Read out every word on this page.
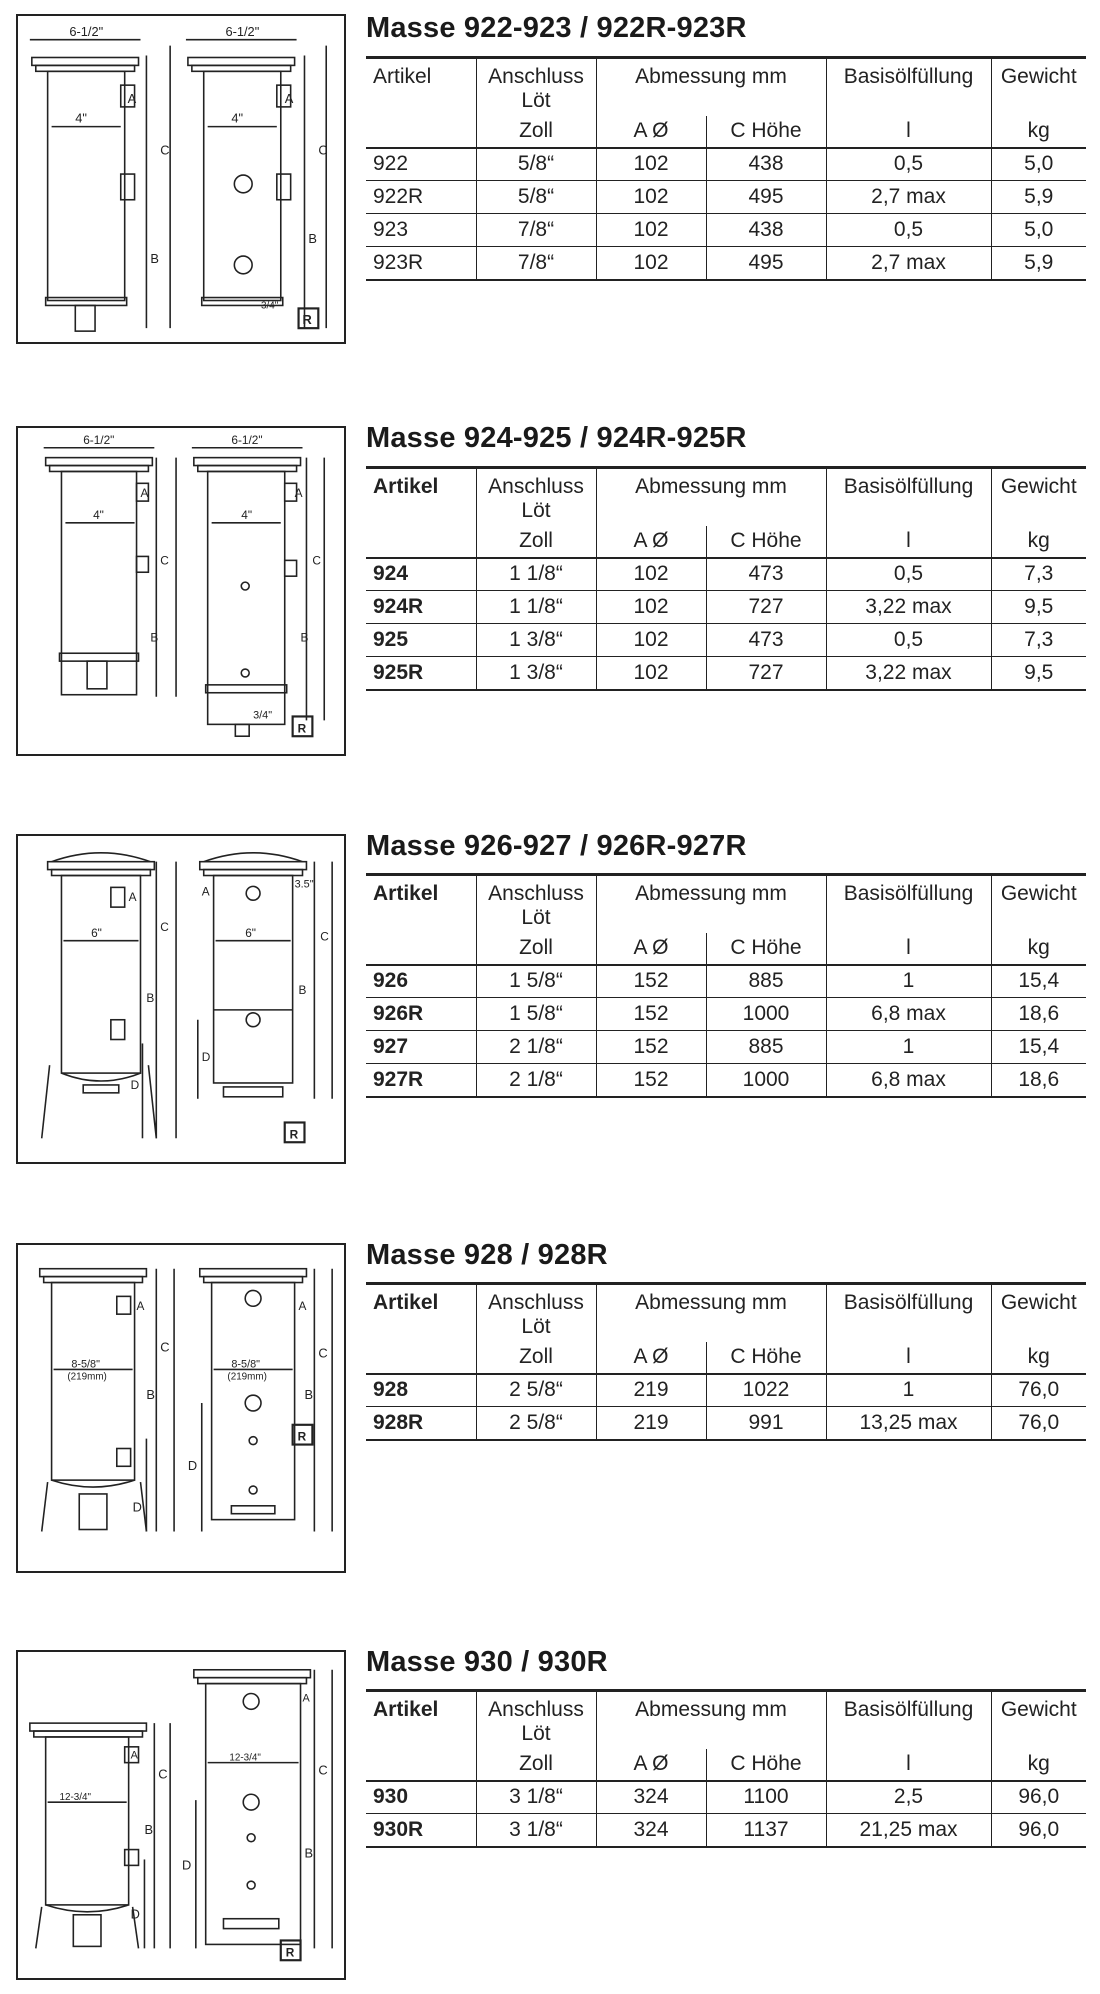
6-1/2"	6-1/2"
4"	4"
A	A
C	C
B
B
3/4"
R
Masse 922-923 / 922R-923R
Artikel	Anschluss
Löt	Abmessung mm		Basisölfüllung	Gewicht
	Zoll	A Ø	C Höhe	l	kg
922	5/8“	102	438	0,5	5,0
922R	5/8“	102	495	2,7 max	5,9
923	7/8“	102	438	0,5	5,0
923R	7/8“	102	495	2,7 max	5,9
6-1/2"	6-1/2"
4"	4"
A	A
C	C
B	B
3/4"
R
Masse 924-925 / 924R-925R
Artikel	Anschluss
Löt	Abmessung mm		Basisölfüllung	Gewicht
	Zoll	A Ø	C Höhe	l	kg
924	1 1/8“	102	473	0,5	7,3
924R	1 1/8“	102	727	3,22 max	9,5
925	1 3/8“	102	473	0,5	7,3
925R	1 3/8“	102	727	3,22 max	9,5
6"	6"
3.5"
A	A
C
C
B
B
D
D
R
Masse 926-927 / 926R-927R
Artikel	Anschluss
Löt	Abmessung mm		Basisölfüllung	Gewicht
	Zoll	A Ø	C Höhe	l	kg
926	1 5/8“	152	885	1	15,4
926R	1 5/8“	152	1000	6,8 max	18,6
927	2 1/8“	152	885	1	15,4
927R	2 1/8“	152	1000	6,8 max	18,6
8-5/8"
(219mm)
8-5/8"
(219mm)
A	A
C	C
B	B
D
D
R
Masse 928 / 928R
Artikel	Anschluss
Löt	Abmessung mm		Basisölfüllung	Gewicht
	Zoll	A Ø	C Höhe	l	kg
928	2 5/8“	219	1022	1	76,0
928R	2 5/8“	219	991	13,25 max	76,0
12-3/4"
12-3/4"
A
A
C	C
B
B
D
D
R
Masse 930 / 930R
Artikel	Anschluss
Löt	Abmessung mm		Basisölfüllung	Gewicht
	Zoll	A Ø	C Höhe	l	kg
930	3 1/8“	324	1100	2,5	96,0
930R	3 1/8“	324	1137	21,25 max	96,0
